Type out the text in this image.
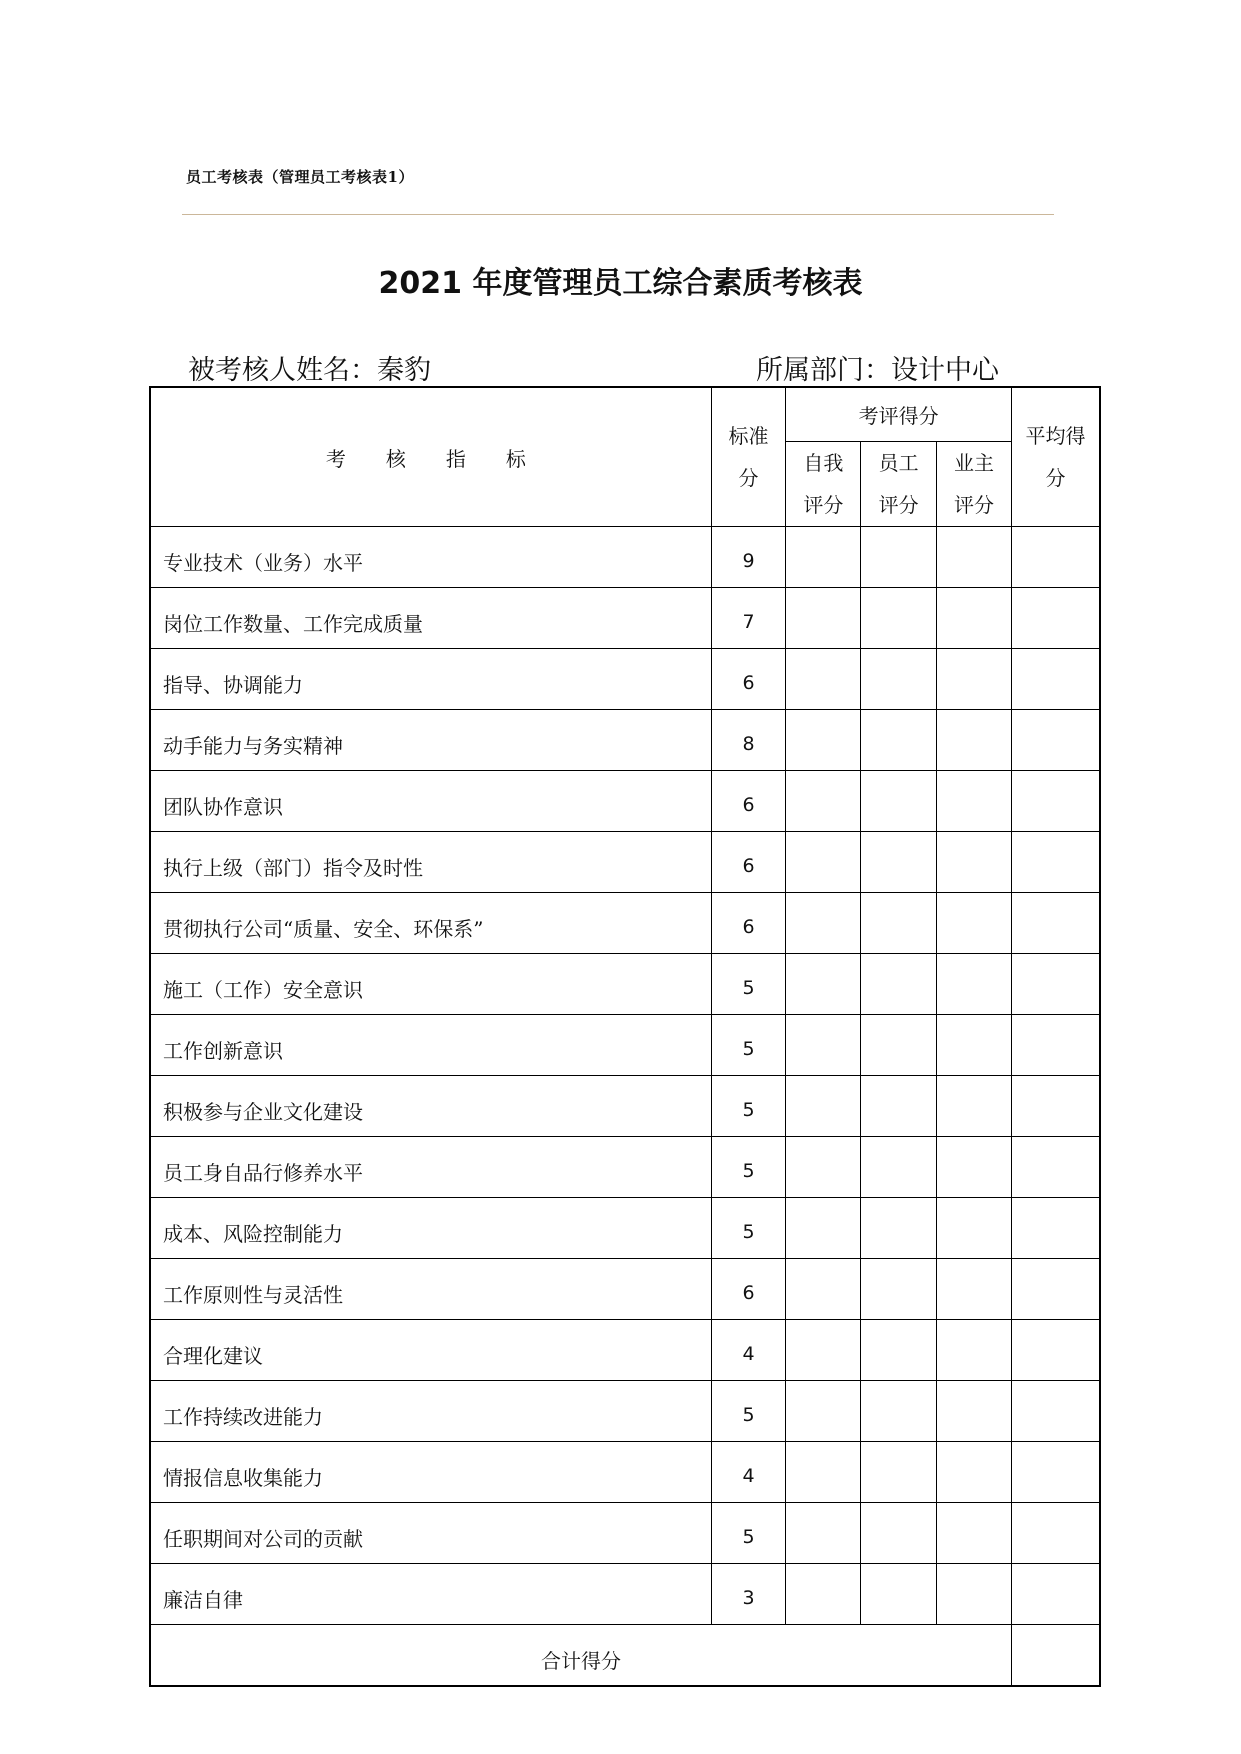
员工考核表（管理员工考核表1）
2021 年度管理员工综合素质考核表
被考核人姓名：秦豹	所属部门：设计中心
考核指标	标准分	考评得分			平均得分

		自我评分	员工评分	业主评分	

专业技术（业务）水平	9				
岗位工作数量、工作完成质量	7				
指导、协调能力	6				
动手能力与务实精神	8				
团队协作意识	6				
执行上级（部门）指令及时性	6				
贯彻执行公司“质量、安全、环保系”	6				
施工（工作）安全意识	5				
工作创新意识	5				
积极参与企业文化建设	5				
员工身自品行修养水平	5				
成本、风险控制能力	5				
工作原则性与灵活性	6				
合理化建议	4				
工作持续改进能力	5				
情报信息收集能力	4				
任职期间对公司的贡献	5				
廉洁自律	3				
合计得分					
